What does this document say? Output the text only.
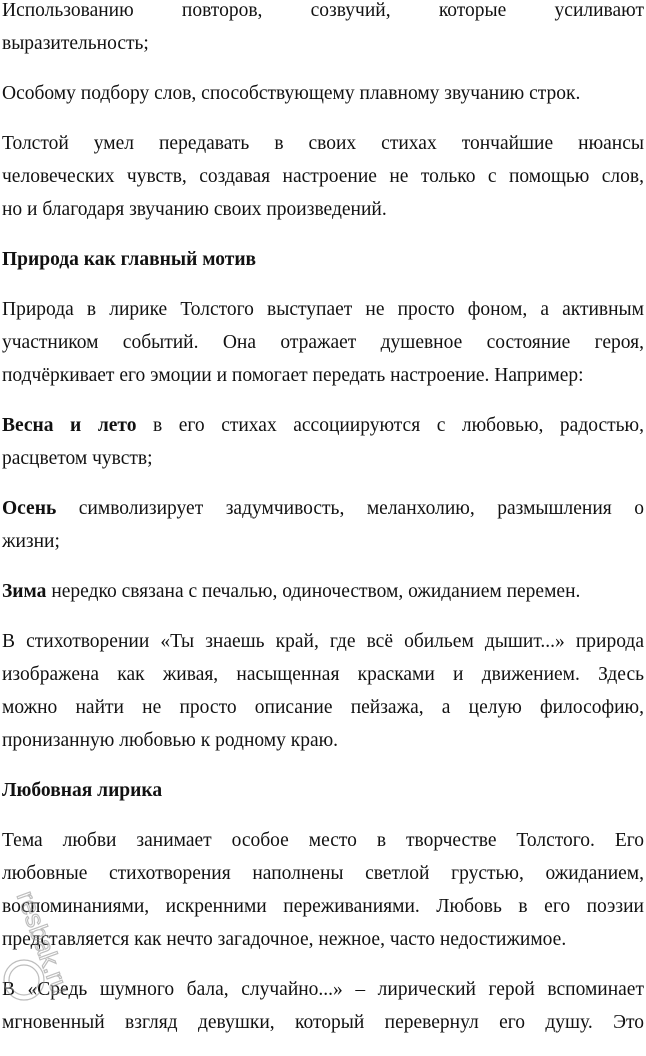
Использованию повторов, созвучий, которые усиливают
выразительность;
Особому подбору слов, способствующему плавному звучанию строк.
Толстой умел передавать в своих стихах тончайшие нюансы
человеческих чувств, создавая настроение не только с помощью слов,
но и благодаря звучанию своих произведений.
Природа как главный мотив
Природа в лирике Толстого выступает не просто фоном, а активным
участником событий. Она отражает душевное состояние героя,
подчёркивает его эмоции и помогает передать настроение. Например:
Весна и лето в его стихах ассоциируются с любовью, радостью,
расцветом чувств;
Осень символизирует задумчивость, меланхолию, размышления о
жизни;
Зима нередко связана с печалью, одиночеством, ожиданием перемен.
В стихотворении «Ты знаешь край, где всё обильем дышит...» природа
изображена как живая, насыщенная красками и движением. Здесь
можно найти не просто описание пейзажа, а целую философию,
пронизанную любовью к родному краю.
Любовная лирика
Тема любви занимает особое место в творчестве Толстого. Его
любовные стихотворения наполнены светлой грустью, ожиданием,
воспоминаниями, искренними переживаниями. Любовь в его поэзии
представляется как нечто загадочное, нежное, часто недостижимое.
В «Средь шумного бала, случайно...» – лирический герой вспоминает
мгновенный взгляд девушки, который перевернул его душу. Это
resbak.ru
